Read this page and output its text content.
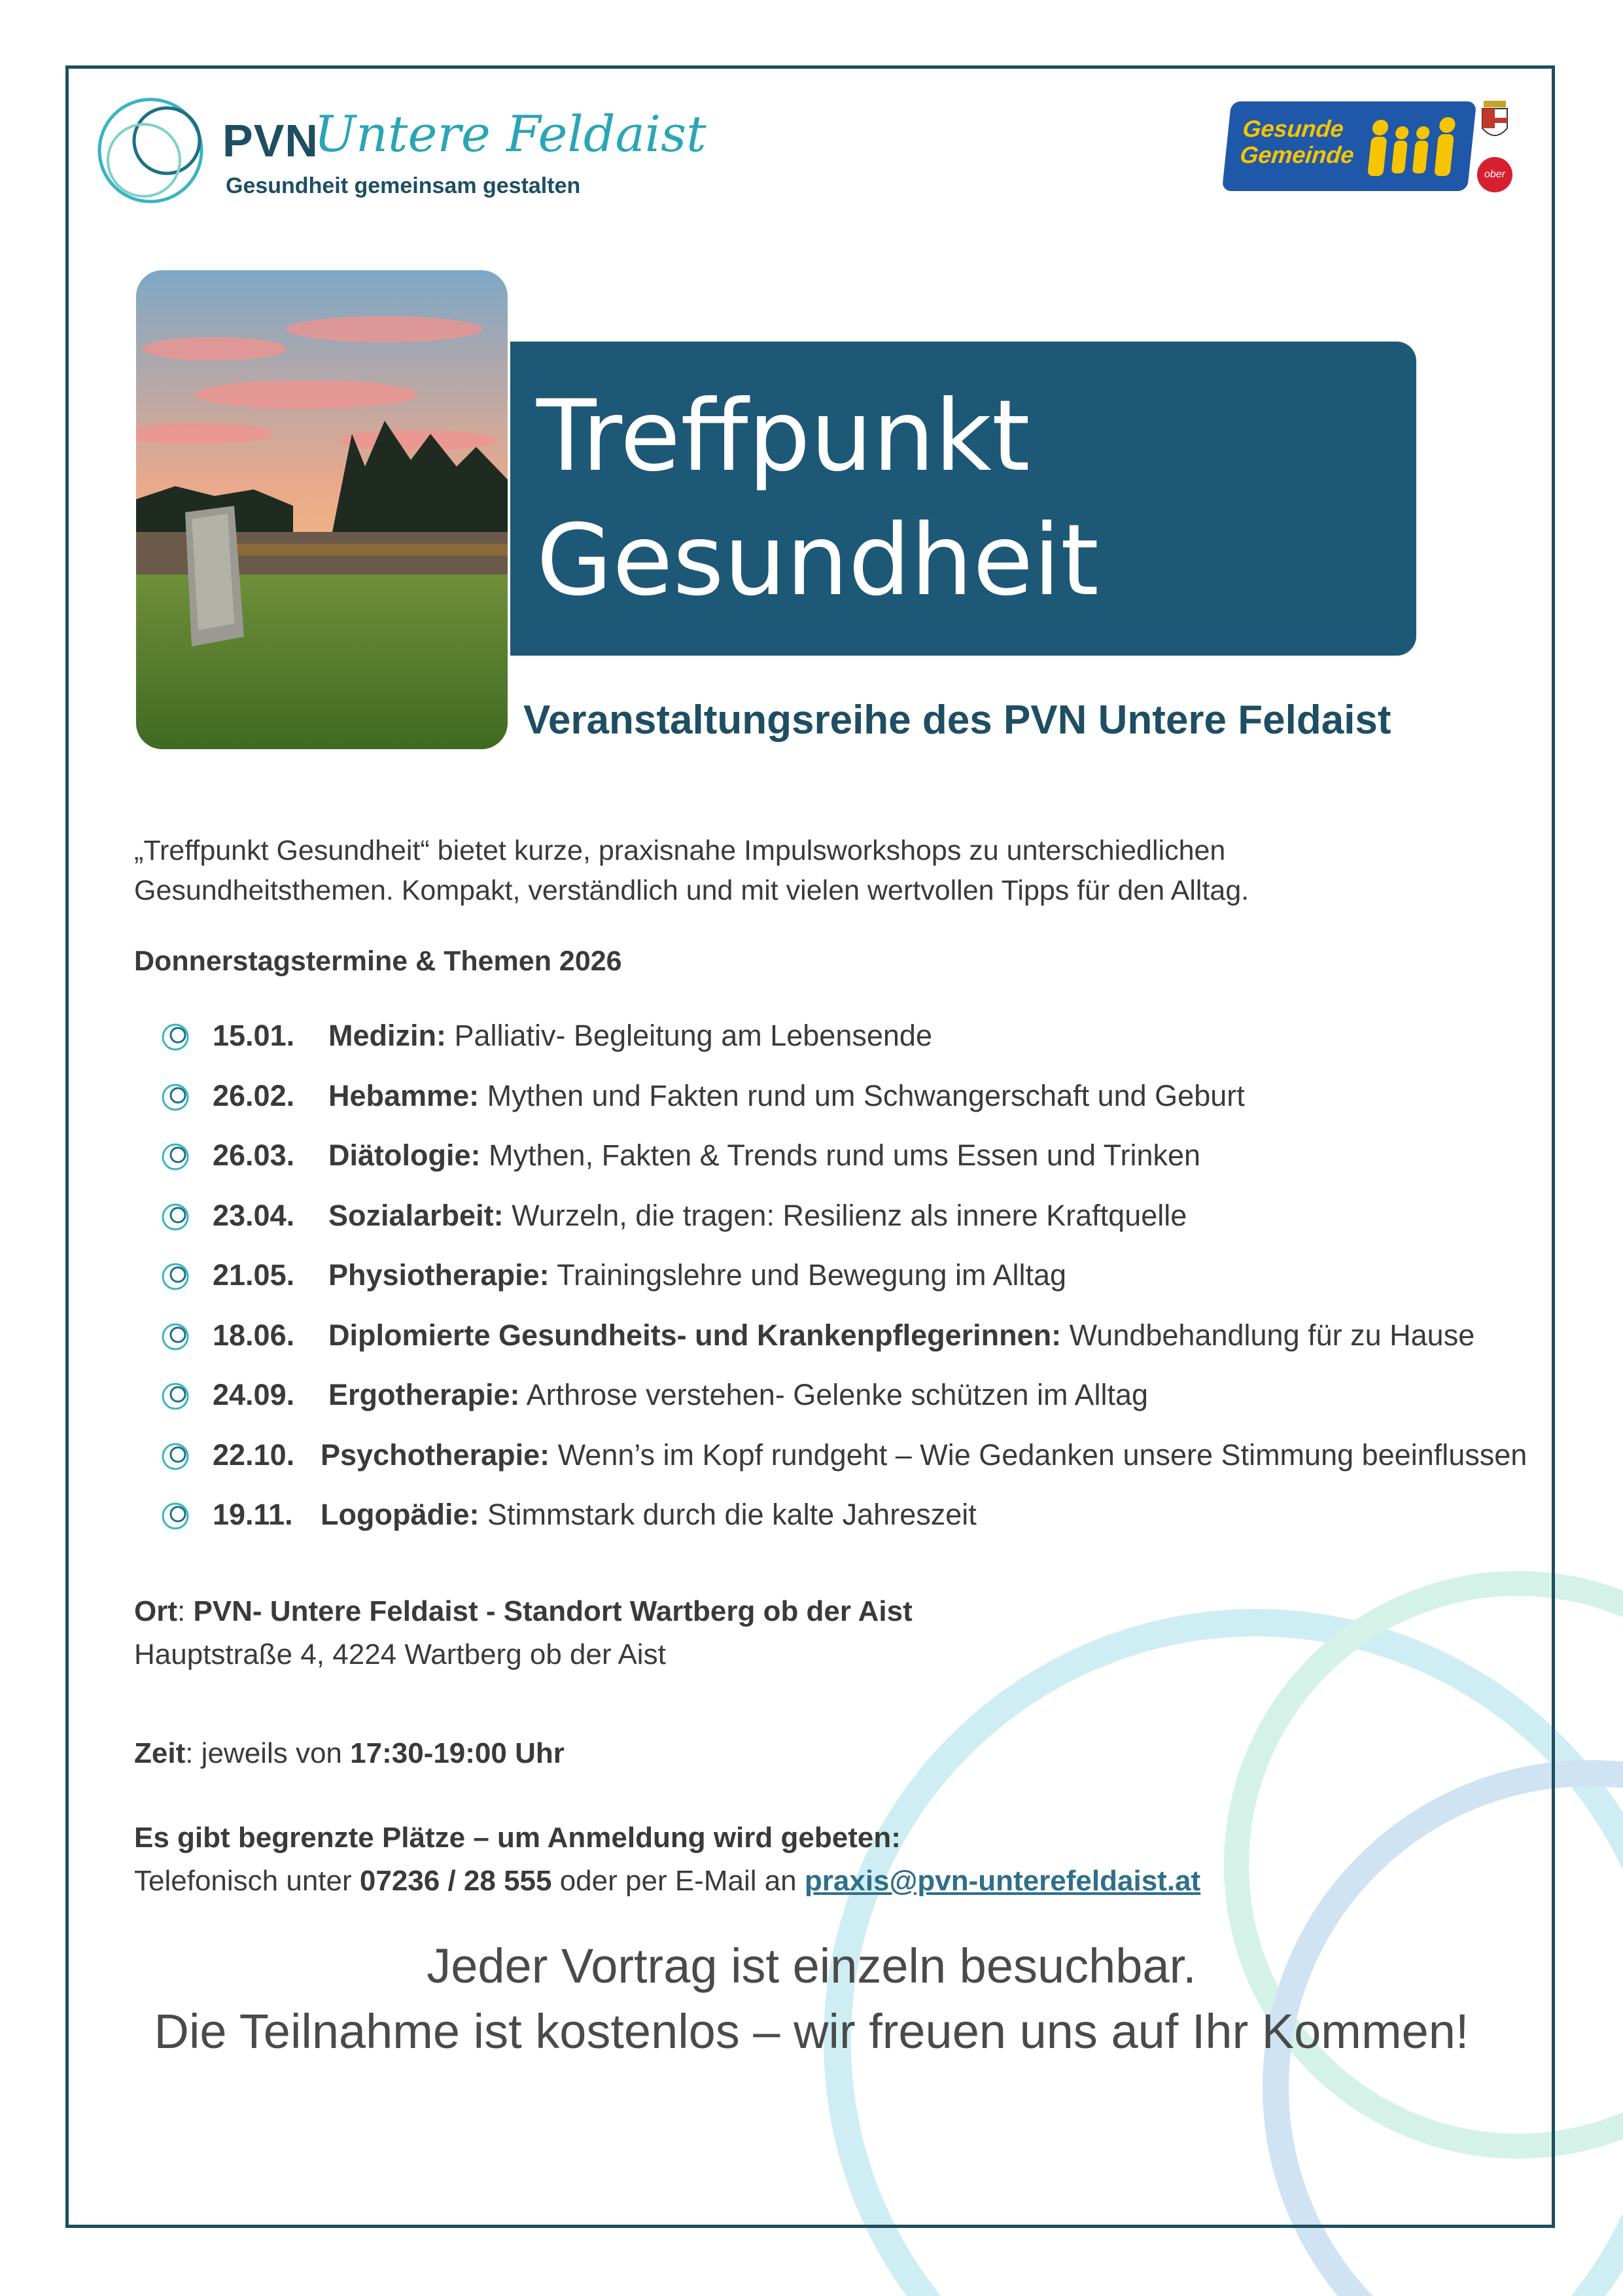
PVN
Untere Feldaist
Gesundheit gemeinsam gestalten
Gesunde
Gemeinde
ober
Treffpunkt
Gesundheit
Veranstaltungsreihe des PVN Untere Feldaist
„Treffpunkt Gesundheit“ bietet kurze, praxisnahe Impulsworkshops zu unterschiedlichen Gesundheitsthemen. Kompakt, verständlich und mit vielen wertvollen Tipps für den Alltag.
Donnerstagstermine & Themen 2026
15.01. Medizin: Palliativ- Begleitung am Lebensende
26.02. Hebamme: Mythen und Fakten rund um Schwangerschaft und Geburt
26.03. Diätologie: Mythen, Fakten & Trends rund ums Essen und Trinken
23.04. Sozialarbeit: Wurzeln, die tragen: Resilienz als innere Kraftquelle
21.05. Physiotherapie: Trainingslehre und Bewegung im Alltag
18.06. Diplomierte Gesundheits- und Krankenpflegerinnen: Wundbehandlung für zu Hause
24.09. Ergotherapie: Arthrose verstehen- Gelenke schützen im Alltag
22.10. Psychotherapie: Wenn’s im Kopf rundgeht – Wie Gedanken unsere Stimmung beeinflussen
19.11. Logopädie: Stimmstark durch die kalte Jahreszeit
Ort: PVN- Untere Feldaist - Standort Wartberg ob der Aist
Hauptstraße 4, 4224 Wartberg ob der Aist
Zeit: jeweils von 17:30-19:00 Uhr
Es gibt begrenzte Plätze – um Anmeldung wird gebeten:
Telefonisch unter 07236 / 28 555 oder per E-Mail an praxis@pvn-unterefeldaist.at
Jeder Vortrag ist einzeln besuchbar.
Die Teilnahme ist kostenlos – wir freuen uns auf Ihr Kommen!
